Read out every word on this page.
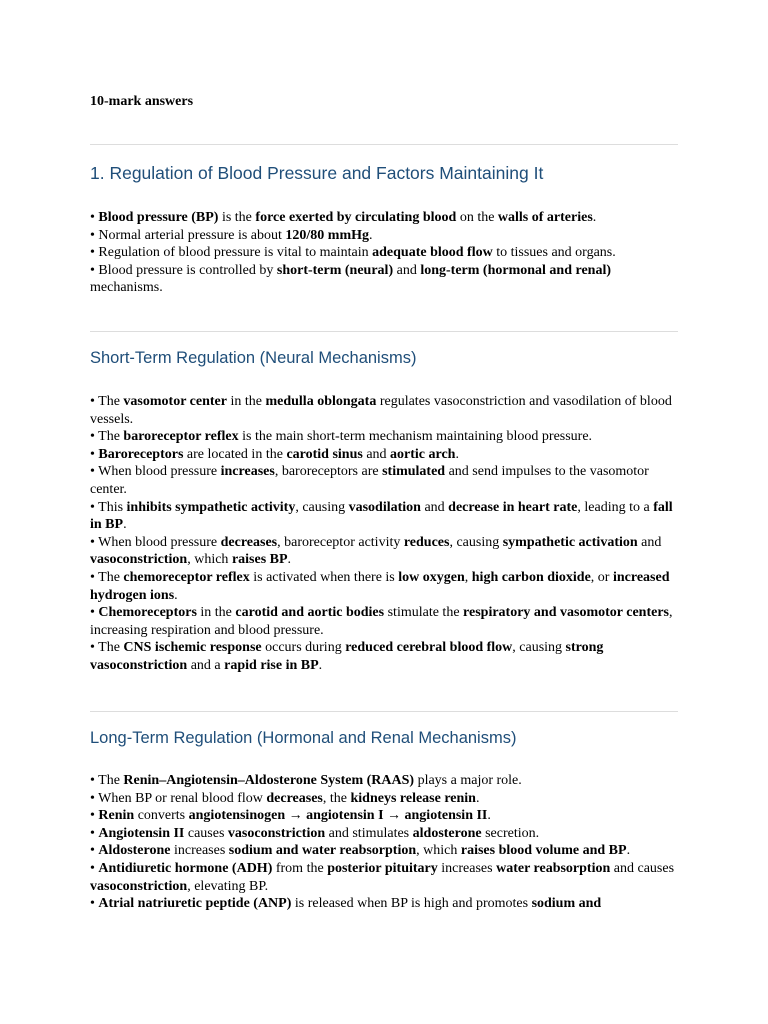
10-mark answers
1. Regulation of Blood Pressure and Factors Maintaining It

• Blood pressure (BP) is the force exerted by circulating blood on the walls of arteries.

• Normal arterial pressure is about 120/80 mmHg.

• Regulation of blood pressure is vital to maintain adequate blood flow to tissues and organs.

• Blood pressure is controlled by short-term (neural) and long-term (hormonal and renal) mechanisms.

Short-Term Regulation (Neural Mechanisms)

• The vasomotor center in the medulla oblongata regulates vasoconstriction and vasodilation of blood vessels.

• The baroreceptor reflex is the main short-term mechanism maintaining blood pressure.

• Baroreceptors are located in the carotid sinus and aortic arch.

• When blood pressure increases, baroreceptors are stimulated and send impulses to the vasomotor center.

• This inhibits sympathetic activity, causing vasodilation and decrease in heart rate, leading to a fall in BP.

• When blood pressure decreases, baroreceptor activity reduces, causing sympathetic activation and vasoconstriction, which raises BP.

• The chemoreceptor reflex is activated when there is low oxygen, high carbon dioxide, or increased hydrogen ions.

• Chemoreceptors in the carotid and aortic bodies stimulate the respiratory and vasomotor centers, increasing respiration and blood pressure.

• The CNS ischemic response occurs during reduced cerebral blood flow, causing strong vasoconstriction and a rapid rise in BP.

Long-Term Regulation (Hormonal and Renal Mechanisms)

• The Renin–Angiotensin–Aldosterone System (RAAS) plays a major role.

• When BP or renal blood flow decreases, the kidneys release renin.

• Renin converts angiotensinogen → angiotensin I → angiotensin II.

• Angiotensin II causes vasoconstriction and stimulates aldosterone secretion.

• Aldosterone increases sodium and water reabsorption, which raises blood volume and BP.

• Antidiuretic hormone (ADH) from the posterior pituitary increases water reabsorption and causes vasoconstriction, elevating BP.

• Atrial natriuretic peptide (ANP) is released when BP is high and promotes sodium and
